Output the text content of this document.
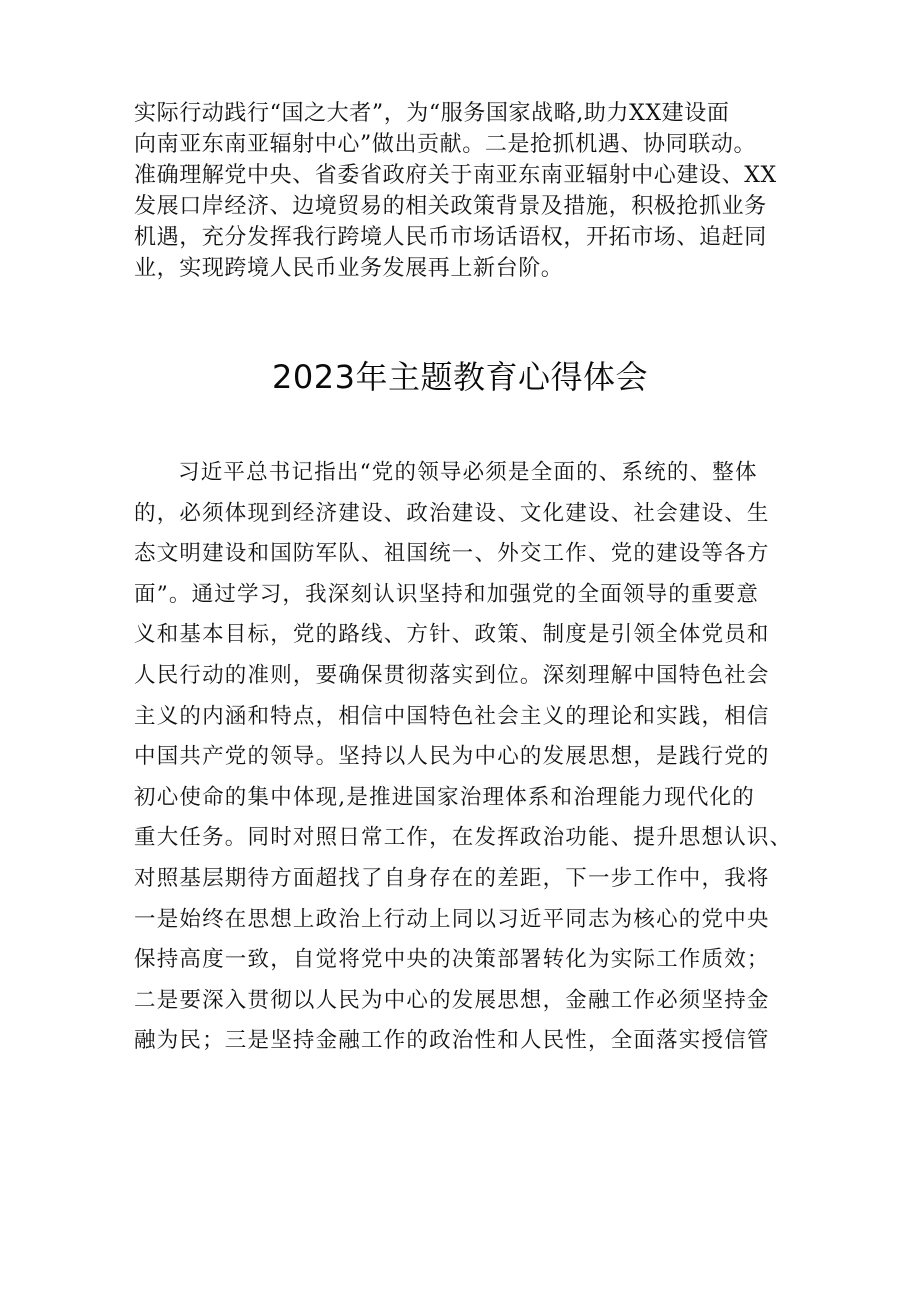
实际行动践行“国之大者”，为“服务国家战略,助力XX建设面
向南亚东南亚辐射中心”做出贡献。二是抢抓机遇、协同联动。
准确理解党中央、省委省政府关于南亚东南亚辐射中心建设、XX
发展口岸经济、边境贸易的相关政策背景及措施，积极抢抓业务
机遇，充分发挥我行跨境人民币市场话语权，开拓市场、追赶同
业，实现跨境人民币业务发展再上新台阶。
2023年主题教育心得体会
习近平总书记指出“党的领导必须是全面的、系统的、整体
的，必须体现到经济建设、政治建设、文化建设、社会建设、生
态文明建设和国防军队、祖国统一、外交工作、党的建设等各方
面”。通过学习，我深刻认识坚持和加强党的全面领导的重要意
义和基本目标，党的路线、方针、政策、制度是引领全体党员和
人民行动的准则，要确保贯彻落实到位。深刻理解中国特色社会
主义的内涵和特点，相信中国特色社会主义的理论和实践，相信
中国共产党的领导。坚持以人民为中心的发展思想，是践行党的
初心使命的集中体现,是推进国家治理体系和治理能力现代化的
重大任务。同时对照日常工作，在发挥政治功能、提升思想认识、
对照基层期待方面超找了自身存在的差距，下一步工作中，我将
一是始终在思想上政治上行动上同以习近平同志为核心的党中央
保持高度一致，自觉将党中央的决策部署转化为实际工作质效；
二是要深入贯彻以人民为中心的发展思想，金融工作必须坚持金
融为民；三是坚持金融工作的政治性和人民性，全面落实授信管
